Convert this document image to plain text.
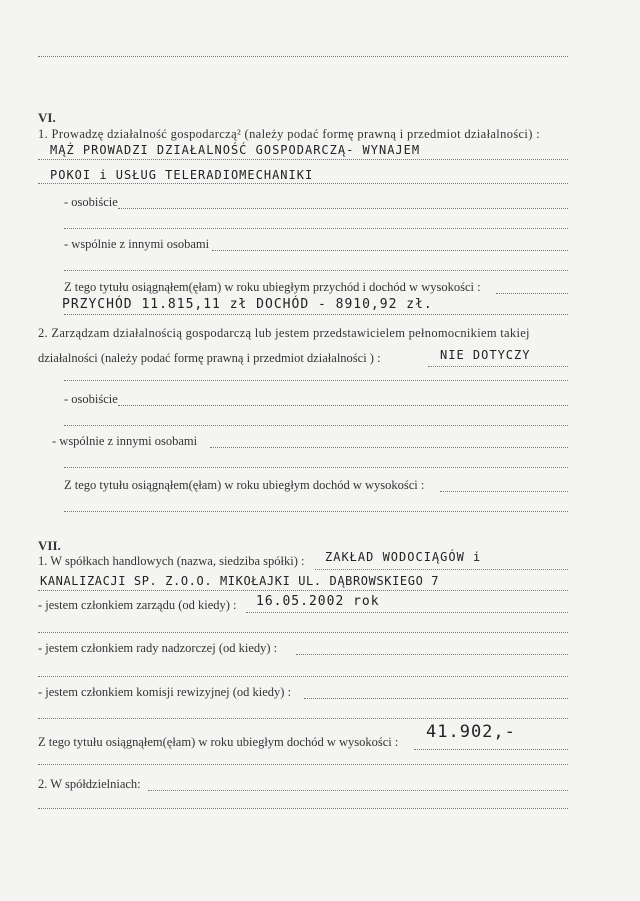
VI.
1. Prowadzę działalność gospodarczą² (należy podać formę prawną i przedmiot działalności) :
MĄŻ PROWADZI DZIAŁALNOŚĆ GOSPODARCZĄ- WYNAJEM
POKOI i USŁUG TELERADIOMECHANIKI
- osobiście
- wspólnie z innymi osobami
Z tego tytułu osiągnąłem(ęłam) w roku ubiegłym przychód i dochód w wysokości :
PRZYCHÓD 11.815,11 zł DOCHÓD - 8910,92 zł.
2. Zarządzam działalnością gospodarczą lub jestem przedstawicielem pełnomocnikiem takiej
działalności (należy podać formę prawną i przedmiot działalności ) :	NIE DOTYCZY
- osobiście
- wspólnie z innymi osobami
Z tego tytułu osiągnąłem(ęłam) w roku ubiegłym dochód w wysokości :
VII.
1. W spółkach handlowych (nazwa, siedziba spółki) :	ZAKŁAD WODOCIĄGÓW i
KANALIZACJI SP. Z.O.O. MIKOŁAJKI UL. DĄBROWSKIEGO 7
- jestem członkiem zarządu (od kiedy) :	16.05.2002 rok
- jestem członkiem rady nadzorczej (od kiedy) :
- jestem członkiem komisji rewizyjnej (od kiedy) :
Z tego tytułu osiągnąłem(ęłam) w roku ubiegłym dochód w wysokości :	41.902,-
2. W spółdzielniach:
